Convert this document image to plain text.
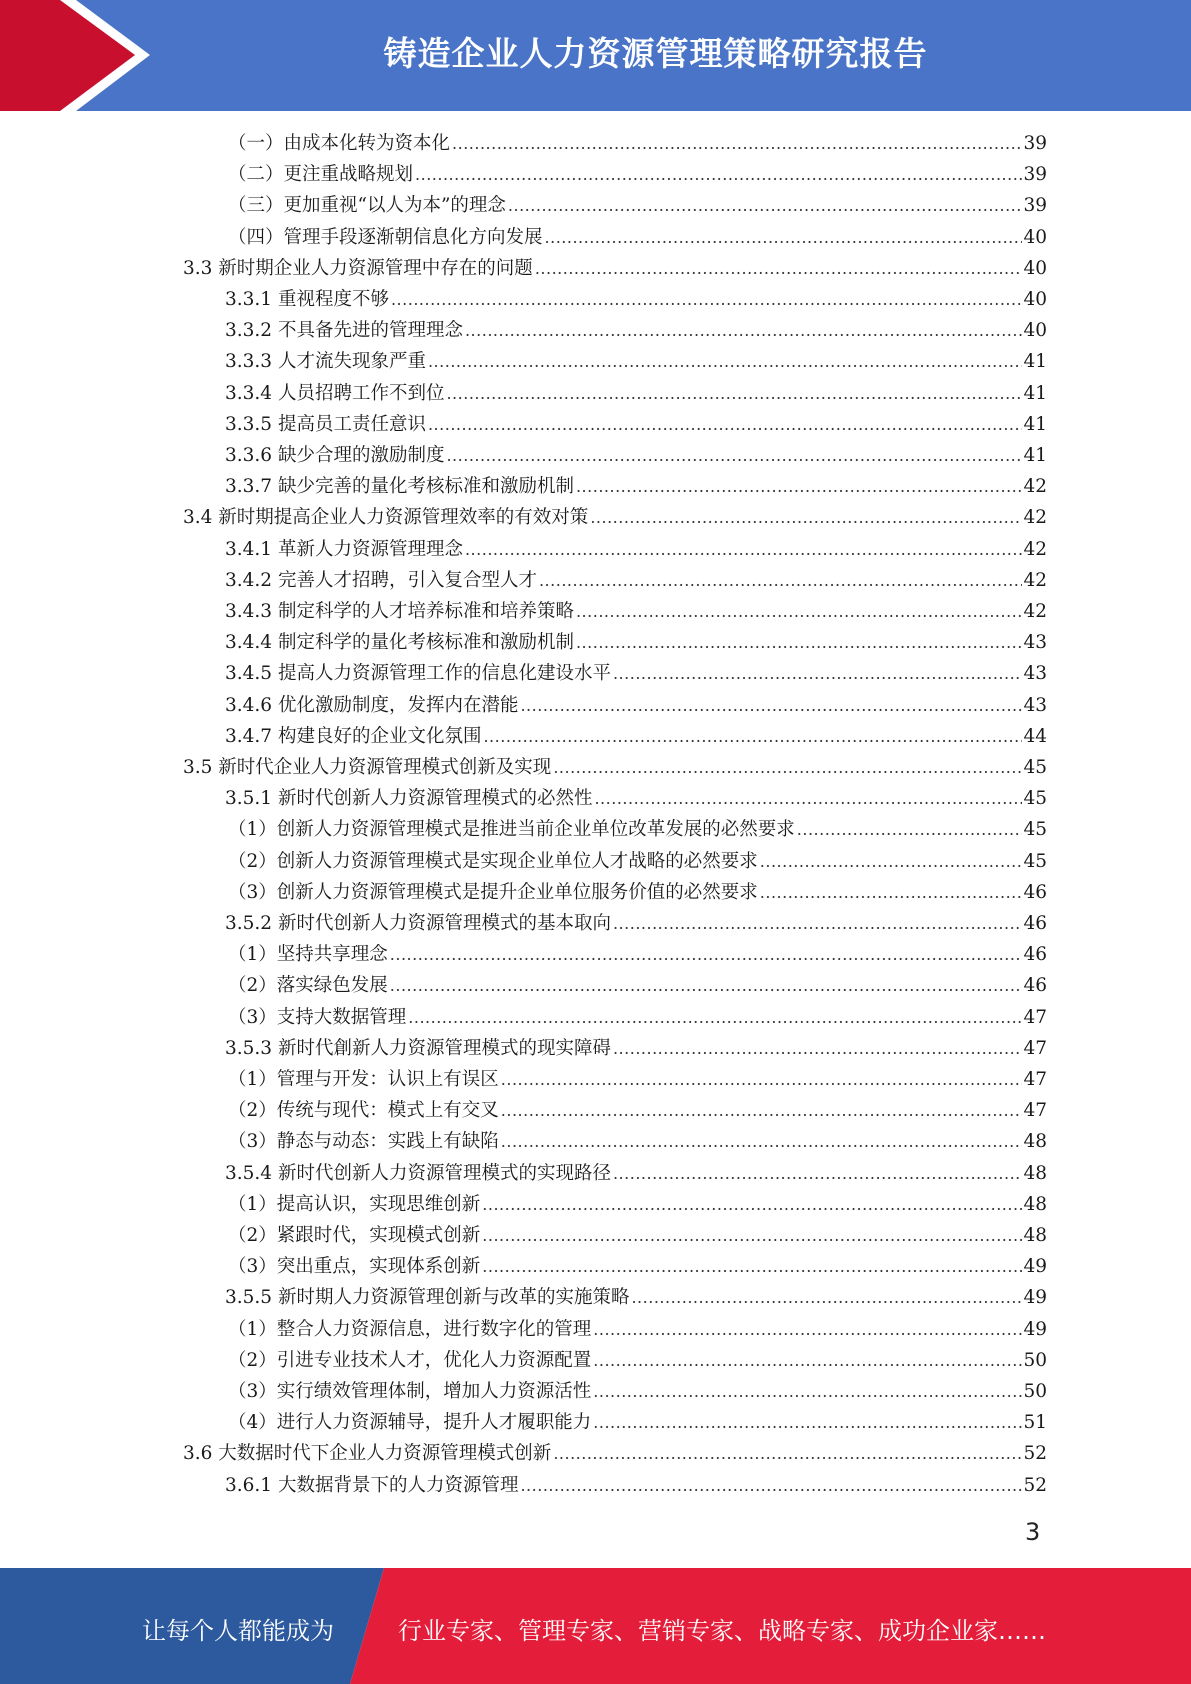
铸造企业人力资源管理策略研究报告
（一）由成本化转为资本化 .....	39
（二）更注重战略规划 .....	39
（三）更加重视“以人为本”的理念 .....	39
（四）管理手段逐渐朝信息化方向发展 .....	40
3.3 新时期企业人力资源管理中存在的问题 .....	40
3.3.1 重视程度不够 .....	40
3.3.2 不具备先进的管理理念 .....	40
3.3.3 人才流失现象严重 .....	41
3.3.4 人员招聘工作不到位 .....	41
3.3.5 提高员工责任意识 .....	41
3.3.6 缺少合理的激励制度 .....	41
3.3.7 缺少完善的量化考核标准和激励机制 .....	42
3.4 新时期提高企业人力资源管理效率的有效对策 .....	42
3.4.1 革新人力资源管理理念 .....	42
3.4.2 完善人才招聘，引入复合型人才 .....	42
3.4.3 制定科学的人才培养标准和培养策略 .....	42
3.4.4 制定科学的量化考核标准和激励机制 .....	43
3.4.5 提高人力资源管理工作的信息化建设水平 .....	43
3.4.6 优化激励制度，发挥内在潜能 .....	43
3.4.7 构建良好的企业文化氛围 .....	44
3.5 新时代企业人力资源管理模式创新及实现 .....	45
3.5.1 新时代创新人力资源管理模式的必然性 .....	45
（1）创新人力资源管理模式是推进当前企业单位改革发展的必然要求 .....	45
（2）创新人力资源管理模式是实现企业单位人才战略的必然要求 .....	45
（3）创新人力资源管理模式是提升企业单位服务价值的必然要求 .....	46
3.5.2 新时代创新人力资源管理模式的基本取向 .....	46
（1）坚持共享理念 .....	46
（2）落实绿色发展 .....	46
（3）支持大数据管理 .....	47
3.5.3 新时代創新人力资源管理模式的现实障碍 .....	47
（1）管理与开发：认识上有误区 .....	47
（2）传统与现代：模式上有交叉 .....	47
（3）静态与动态：实践上有缺陷 .....	48
3.5.4 新时代创新人力资源管理模式的实现路径 .....	48
（1）提高认识，实现思维创新 .....	48
（2）紧跟时代，实现模式创新 .....	48
（3）突出重点，实现体系创新 .....	49
3.5.5 新时期人力资源管理创新与改革的实施策略 .....	49
（1）整合人力资源信息，进行数字化的管理 .....	49
（2）引进专业技术人才，优化人力资源配置 .....	50
（3）实行绩效管理体制，增加人力资源活性 .....	50
（4）进行人力资源辅导，提升人才履职能力 .....	51
3.6 大数据时代下企业人力资源管理模式创新 .....	52
3.6.1 大数据背景下的人力资源管理 .....	52
3
让每个人都能成为	行业专家、管理专家、营销专家、战略专家、成功企业家……
